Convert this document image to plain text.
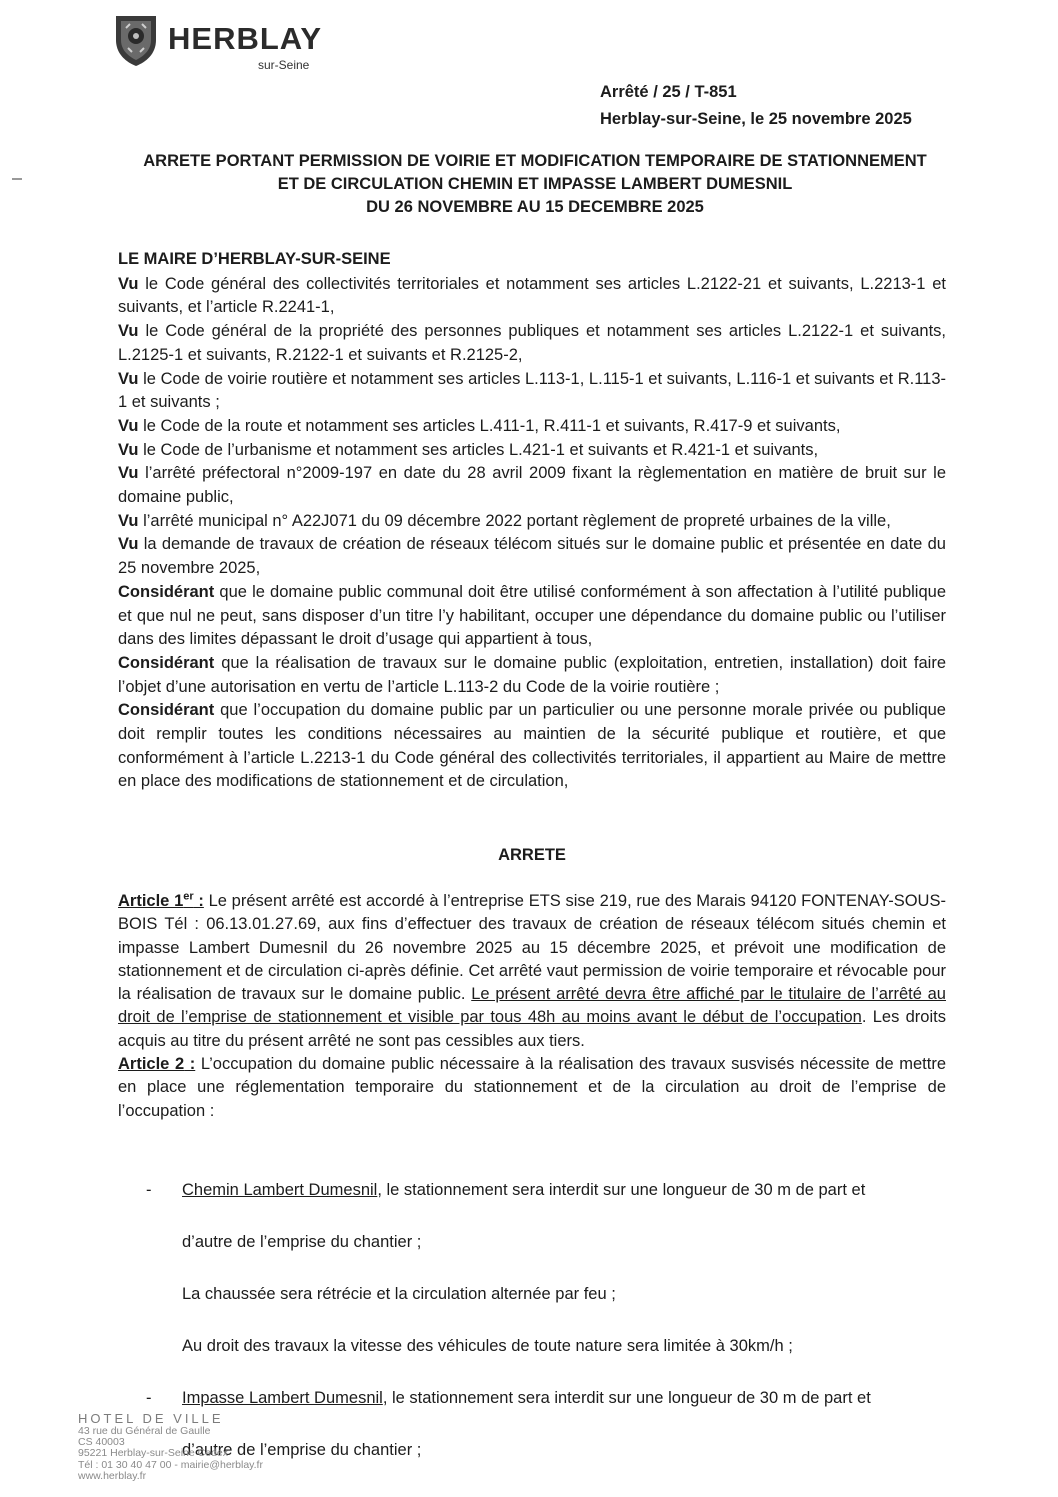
HERBLAY
sur-Seine
Arrêté / 25 / T-851
Herblay-sur-Seine, le 25 novembre 2025
ARRETE PORTANT PERMISSION DE VOIRIE ET MODIFICATION TEMPORAIRE DE STATIONNEMENT
ET DE CIRCULATION CHEMIN ET IMPASSE LAMBERT DUMESNIL
DU 26 NOVEMBRE AU 15 DECEMBRE 2025

LE MAIRE D’HERBLAY-SUR-SEINE

Vu le Code général des collectivités territoriales et notamment ses articles L.2122-21 et suivants, L.2213-1 et suivants, et l’article R.2241-1,

Vu le Code général de la propriété des personnes publiques et notamment ses articles L.2122-1 et suivants, L.2125-1 et suivants, R.2122-1 et suivants et R.2125-2,

Vu le Code de voirie routière et notamment ses articles L.113-1, L.115-1 et suivants, L.116-1 et suivants et R.113-1 et suivants ;

Vu le Code de la route et notamment ses articles L.411-1, R.411-1 et suivants, R.417-9 et suivants,

Vu le Code de l’urbanisme et notamment ses articles L.421-1 et suivants et R.421-1 et suivants,

Vu l’arrêté préfectoral n°2009-197 en date du 28 avril 2009 fixant la règlementation en matière de bruit sur le domaine public,

Vu l’arrêté municipal n° A22J071 du 09 décembre 2022 portant règlement de propreté urbaines de la ville,

Vu la demande de travaux de création de réseaux télécom situés sur le domaine public et présentée en date du 25 novembre 2025,

Considérant que le domaine public communal doit être utilisé conformément à son affectation à l’utilité publique et que nul ne peut, sans disposer d’un titre l’y habilitant, occuper une dépendance du domaine public ou l’utiliser dans des limites dépassant le droit d’usage qui appartient à tous,

Considérant que la réalisation de travaux sur le domaine public (exploitation, entretien, installation) doit faire l’objet d’une autorisation en vertu de l’article L.113-2 du Code de la voirie routière ;

Considérant que l’occupation du domaine public par un particulier ou une personne morale privée ou publique doit remplir toutes les conditions nécessaires au maintien de la sécurité publique et routière, et que conformément à l’article L.2213-1 du Code général des collectivités territoriales, il appartient au Maire de mettre en place des modifications de stationnement et de circulation,

ARRETE

Article 1er : Le présent arrêté est accordé à l’entreprise ETS sise 219, rue des Marais 94120 FONTENAY-SOUS-BOIS Tél : 06.13.01.27.69, aux fins d’effectuer des travaux de création de réseaux télécom situés chemin et impasse Lambert Dumesnil du 26 novembre 2025 au 15 décembre 2025, et prévoit une modification de stationnement et de circulation ci-après définie. Cet arrêté vaut permission de voirie temporaire et révocable pour la réalisation de travaux sur le domaine public. Le présent arrêté devra être affiché par le titulaire de l’arrêté au droit de l’emprise de stationnement et visible par tous 48h au moins avant le début de l’occupation. Les droits acquis au titre du présent arrêté ne sont pas cessibles aux tiers.

Article 2 : L’occupation du domaine public nécessaire à la réalisation des travaux susvisés nécessite de mettre en place une réglementation temporaire du stationnement et de la circulation au droit de l’emprise de l’occupation :

- Chemin Lambert Dumesnil, le stationnement sera interdit sur une longueur de 30 m de part et
d’autre de l’emprise du chantier ;
La chaussée sera rétrécie et la circulation alternée par feu ;
Au droit des travaux la vitesse des véhicules de toute nature sera limitée à 30km/h ;
- Impasse Lambert Dumesnil, le stationnement sera interdit sur une longueur de 30 m de part et
d’autre de l’emprise du chantier ;
HOTEL DE VILLE
43 rue du Général de Gaulle
CS 40003
95221 Herblay-sur-Seine Cedex
Tél : 01 30 40 47 00 - mairie@herblay.fr
www.herblay.fr
